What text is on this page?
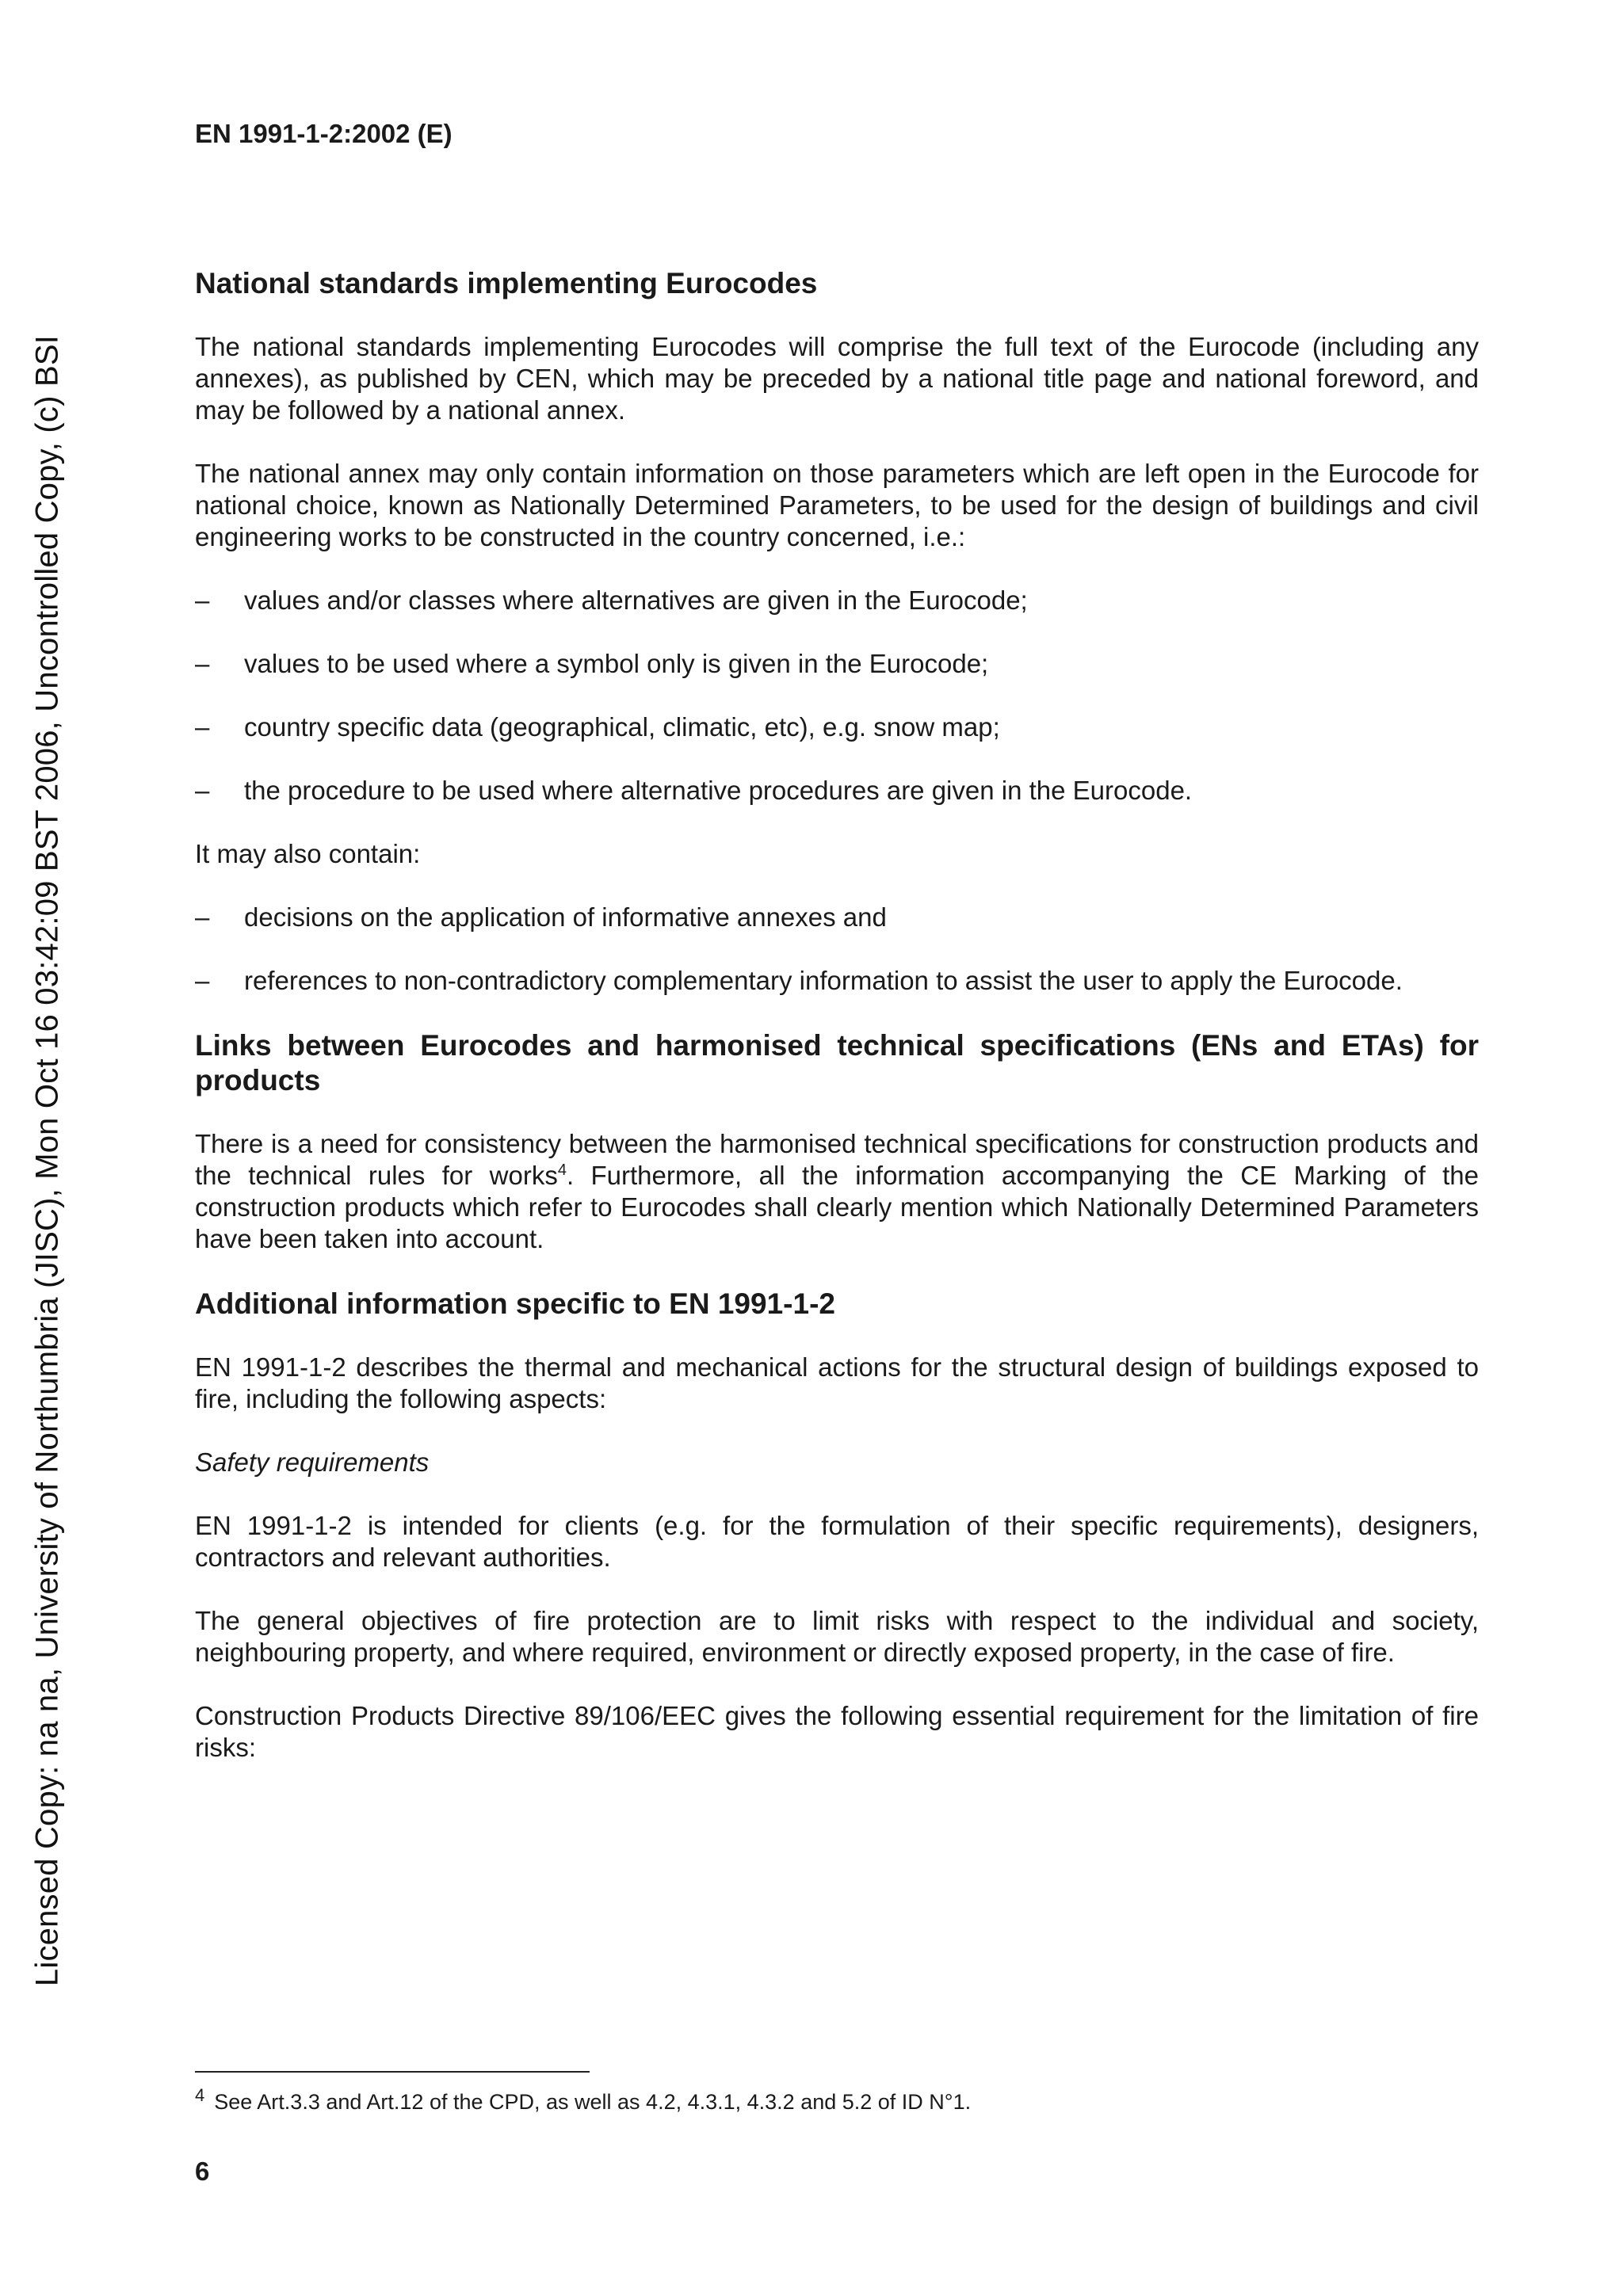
EN 1991-1-2:2002 (E)

Licensed Copy: na na, University of Northumbria (JISC), Mon Oct 16 03:42:09 BST 2006, Uncontrolled Copy, (c) BSI
National standards implementing Eurocodes

The national standards implementing Eurocodes will comprise the full text of the Eurocode (including any annexes), as published by CEN, which may be preceded by a national title page and national foreword, and may be followed by a national annex.

The national annex may only contain information on those parameters which are left open in the Eurocode for national choice, known as Nationally Determined Parameters, to be used for the design of buildings and civil engineering works to be constructed in the country concerned, i.e.:

– values and/or classes where alternatives are given in the Eurocode;
– values to be used where a symbol only is given in the Eurocode;
– country specific data (geographical, climatic, etc), e.g. snow map;
– the procedure to be used where alternative procedures are given in the Eurocode.

It may also contain:

– decisions on the application of informative annexes and
– references to non-contradictory complementary information to assist the user to apply the Eurocode.
Links between Eurocodes and harmonised technical specifications (ENs and ETAs) for products

There is a need for consistency between the harmonised technical specifications for construction products and the technical rules for works$^4$. Furthermore, all the information accompanying the CE Marking of the construction products which refer to Eurocodes shall clearly mention which Nationally Determined Parameters have been taken into account.

Additional information specific to EN 1991-1-2

EN 1991-1-2 describes the thermal and mechanical actions for the structural design of buildings exposed to fire, including the following aspects:

Safety requirements

EN 1991-1-2 is intended for clients (e.g. for the formulation of their specific requirements), designers, contractors and relevant authorities.

The general objectives of fire protection are to limit risks with respect to the individual and society, neighbouring property, and where required, environment or directly exposed property, in the case of fire.

Construction Products Directive 89/106/EEC gives the following essential requirement for the limitation of fire risks:

$^4$ See Art.3.3 and Art.12 of the CPD, as well as 4.2, 4.3.1, 4.3.2 and 5.2 of ID N°1.

6
